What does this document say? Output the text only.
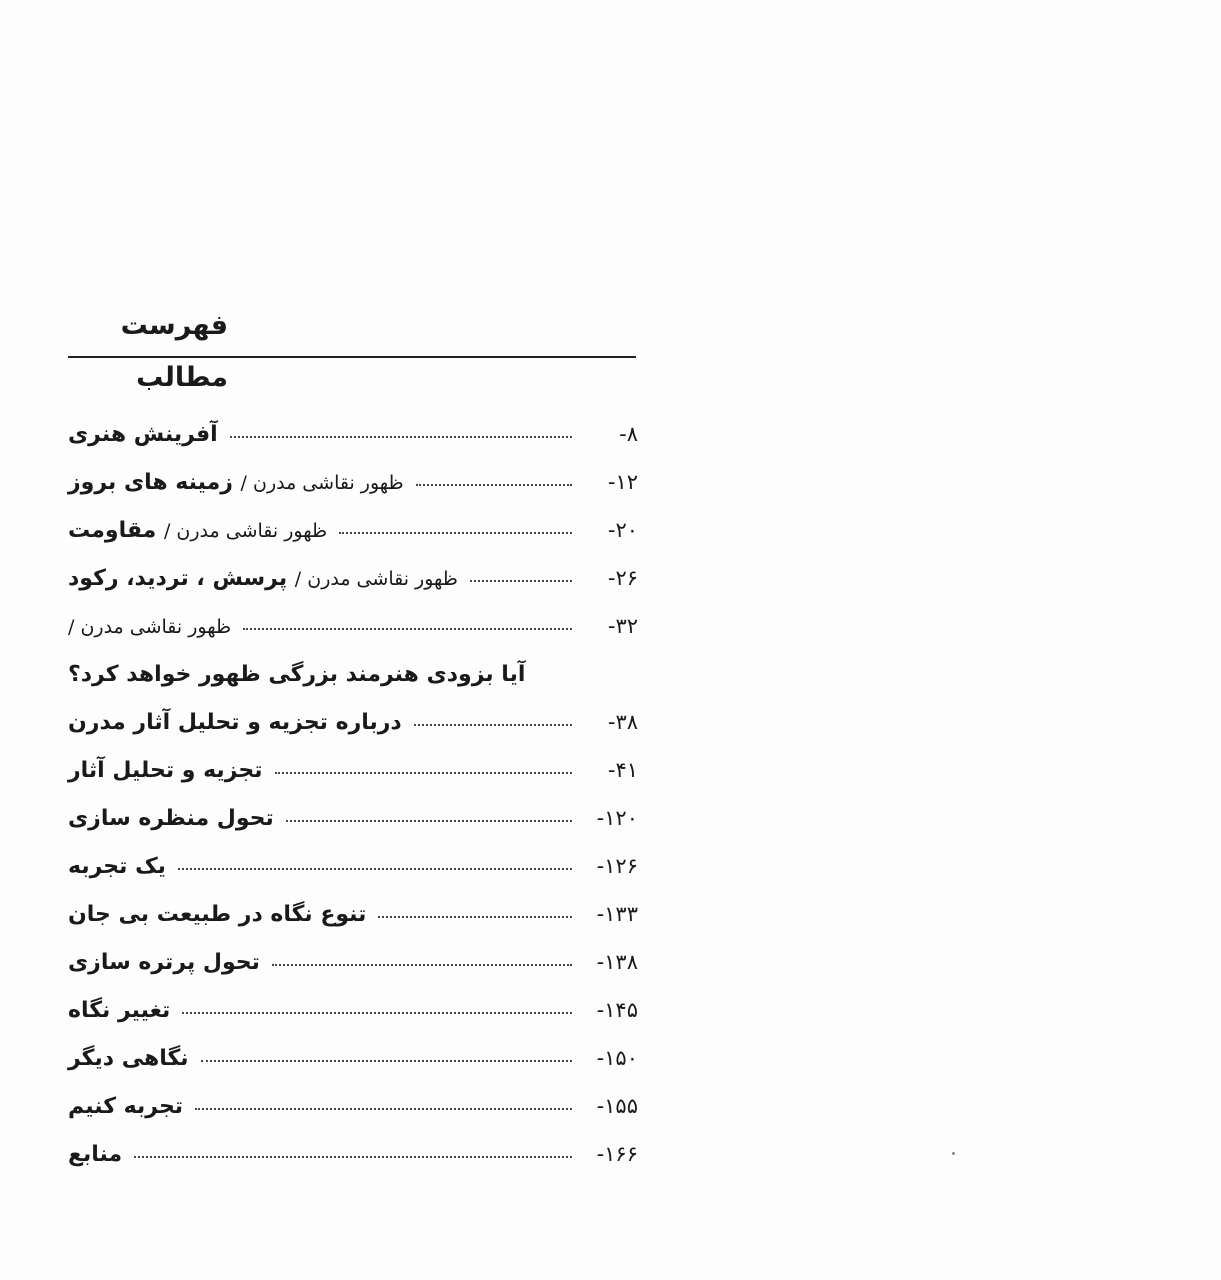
فهرست مطالب
آفرینش هنری	۸-
ظهور نقاشی مدرن / زمینه های بروز	۱۲-
ظهور نقاشی مدرن / مقاومت	۲۰-
ظهور نقاشی مدرن / پرسش ، تردید، رکود	۲۶-
ظهور نقاشی مدرن /	۳۲-
آیا بزودی هنرمند بزرگی ظهور خواهد کرد؟
درباره تجزیه و تحلیل آثار مدرن	۳۸-
تجزیه و تحلیل آثار	۴۱-
تحول منظره سازی	۱۲۰-
یک تجربه	۱۲۶-
تنوع نگاه در طبیعت بی جان	۱۳۳-
تحول پرتره سازی	۱۳۸-
تغییر نگاه	۱۴۵-
نگاهی دیگر	۱۵۰-
تجربه کنیم	۱۵۵-
منابع	۱۶۶-
